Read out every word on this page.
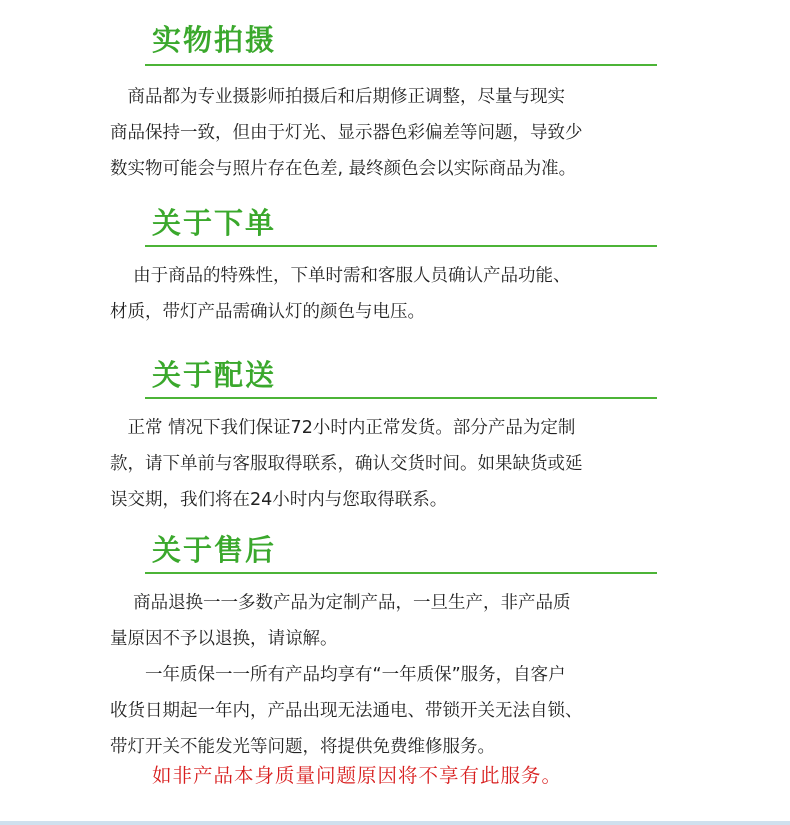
实物拍摄
　商品都为专业摄影师拍摄后和后期修正调整，尽量与现实
商品保持一致，但由于灯光、显示器色彩偏差等问题，导致少
数实物可能会与照片存在色差, 最终颜色会以实际商品为准。
关于下单
　 由于商品的特殊性，下单时需和客服人员确认产品功能、
材质，带灯产品需确认灯的颜色与电压。
关于配送
　正常 情况下我们保证72小时内正常发货。部分产品为定制
款，请下单前与客服取得联系，确认交货时间。如果缺货或延
误交期，我们将在24小时内与您取得联系。
关于售后
　 商品退换一一多数产品为定制产品，一旦生产，非产品质
量原因不予以退换，请谅解。
　　一年质保一一所有产品均享有“一年质保”服务，自客户
收货日期起一年内，产品出现无法通电、带锁开关无法自锁、
带灯开关不能发光等问题，将提供免费维修服务。
如非产品本身质量问题原因将不享有此服务。
